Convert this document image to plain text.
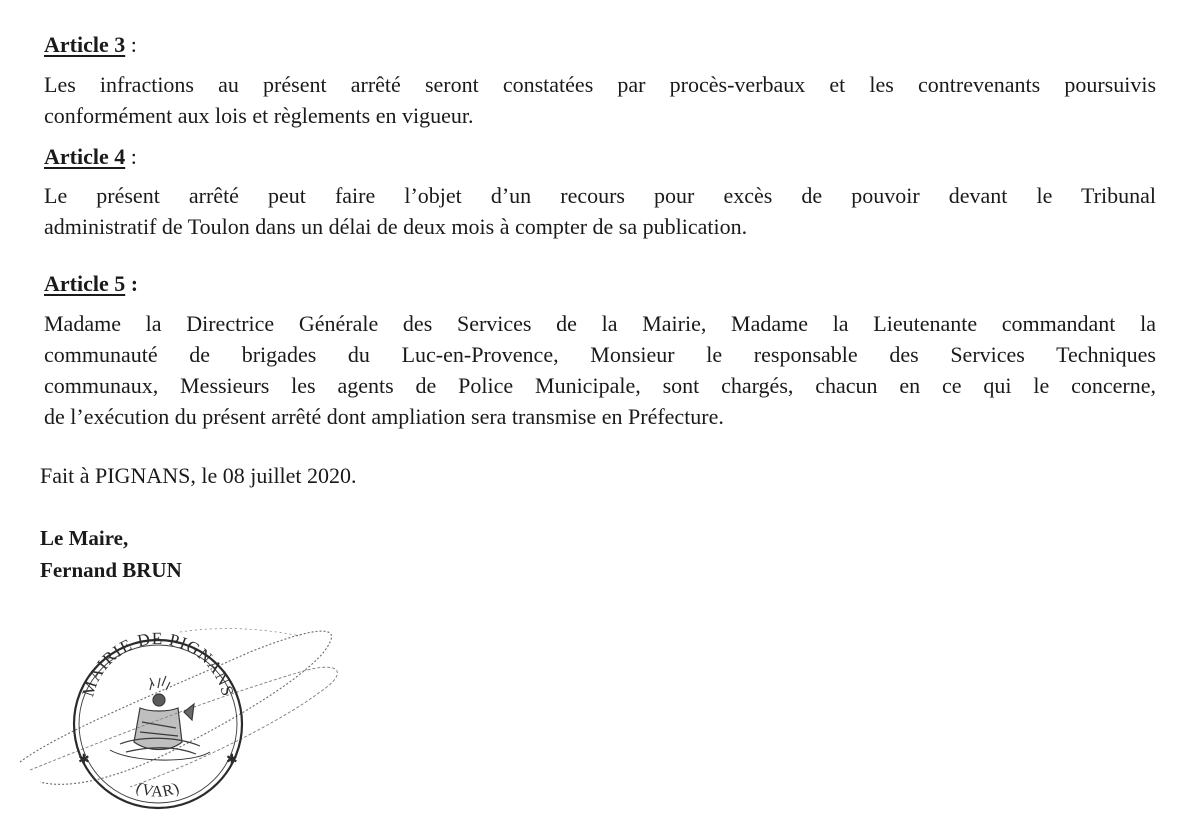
Article 3 :
Les infractions au présent arrêté seront constatées par procès-verbaux et les contrevenants poursuivis
conformément aux lois et règlements en vigueur.
Article 4 :
Le présent arrêté peut faire l’objet d’un recours pour excès de pouvoir devant le Tribunal
administratif de Toulon dans un délai de deux mois à compter de sa publication.
Article 5 :
Madame la Directrice Générale des Services de la Mairie, Madame la Lieutenante commandant la
communauté de brigades du Luc-en-Provence, Monsieur le responsable des Services Techniques
communaux, Messieurs les agents de Police Municipale, sont chargés, chacun en ce qui le concerne,
de l’exécution du présent arrêté dont ampliation sera transmise en Préfecture.
Fait à PIGNANS, le 08 juillet 2020.
Le Maire,
Fernand BRUN
MAIRIE DE PIGNANS
(VAR)
✱	✱
